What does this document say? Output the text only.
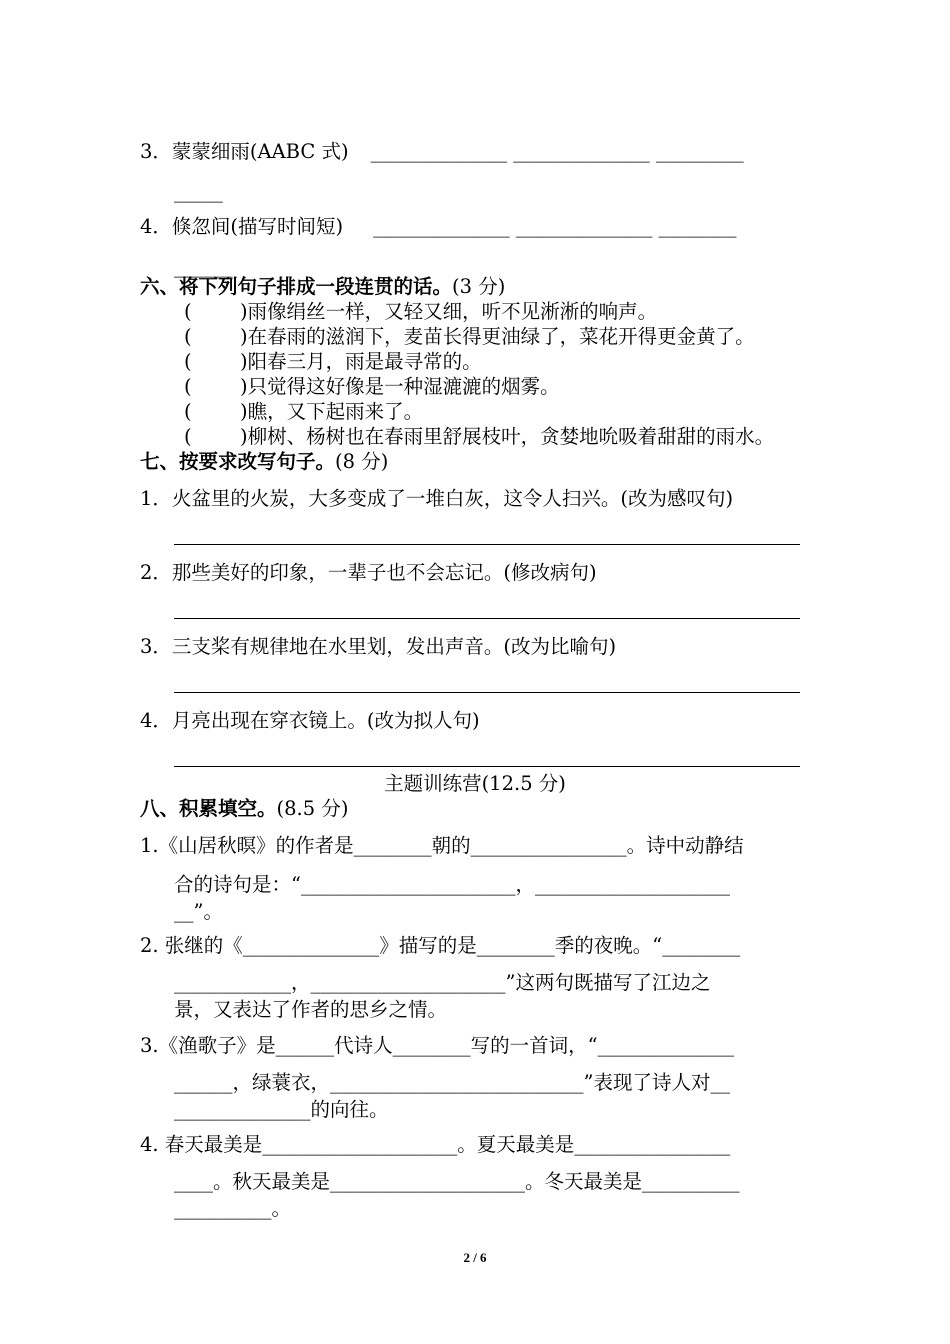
3．蒙蒙细雨(AABC 式) ______________ ______________ _________
_____
4．倏忽间(描写时间短) ______________ ______________ ________
______
六、将下列句子排成一段连贯的话。(3 分)
( )雨像绢丝一样，又轻又细，听不见淅淅的响声。
( )在春雨的滋润下，麦苗长得更油绿了，菜花开得更金黄了。
( )阳春三月，雨是最寻常的。
( )只觉得这好像是一种湿漉漉的烟雾。
( )瞧，又下起雨来了。
( )柳树、杨树也在春雨里舒展枝叶，贪婪地吮吸着甜甜的雨水。
七、按要求改写句子。(8 分)
1．火盆里的火炭，大多变成了一堆白灰，这令人扫兴。(改为感叹句)
2．那些美好的印象，一辈子也不会忘记。(修改病句)
3．三支桨有规律地在水里划，发出声音。(改为比喻句)
4．月亮出现在穿衣镜上。(改为拟人句)
主题训练营(12.5 分)
八、积累填空。(8.5 分)
1.《山居秋暝》的作者是________朝的________________。诗中动静结
合的诗句是：“______________________，____________________
__”。
2. 张继的《______________》描写的是________季的夜晚。“________
____________，____________________”这两句既描写了江边之
景，又表达了作者的思乡之情。
3.《渔歌子》是______代诗人________写的一首词，“______________
______，绿蓑衣，__________________________”表现了诗人对__
______________的向往。
4. 春天最美是____________________。夏天最美是________________
____。秋天最美是____________________。冬天最美是__________
__________。
2 / 6
